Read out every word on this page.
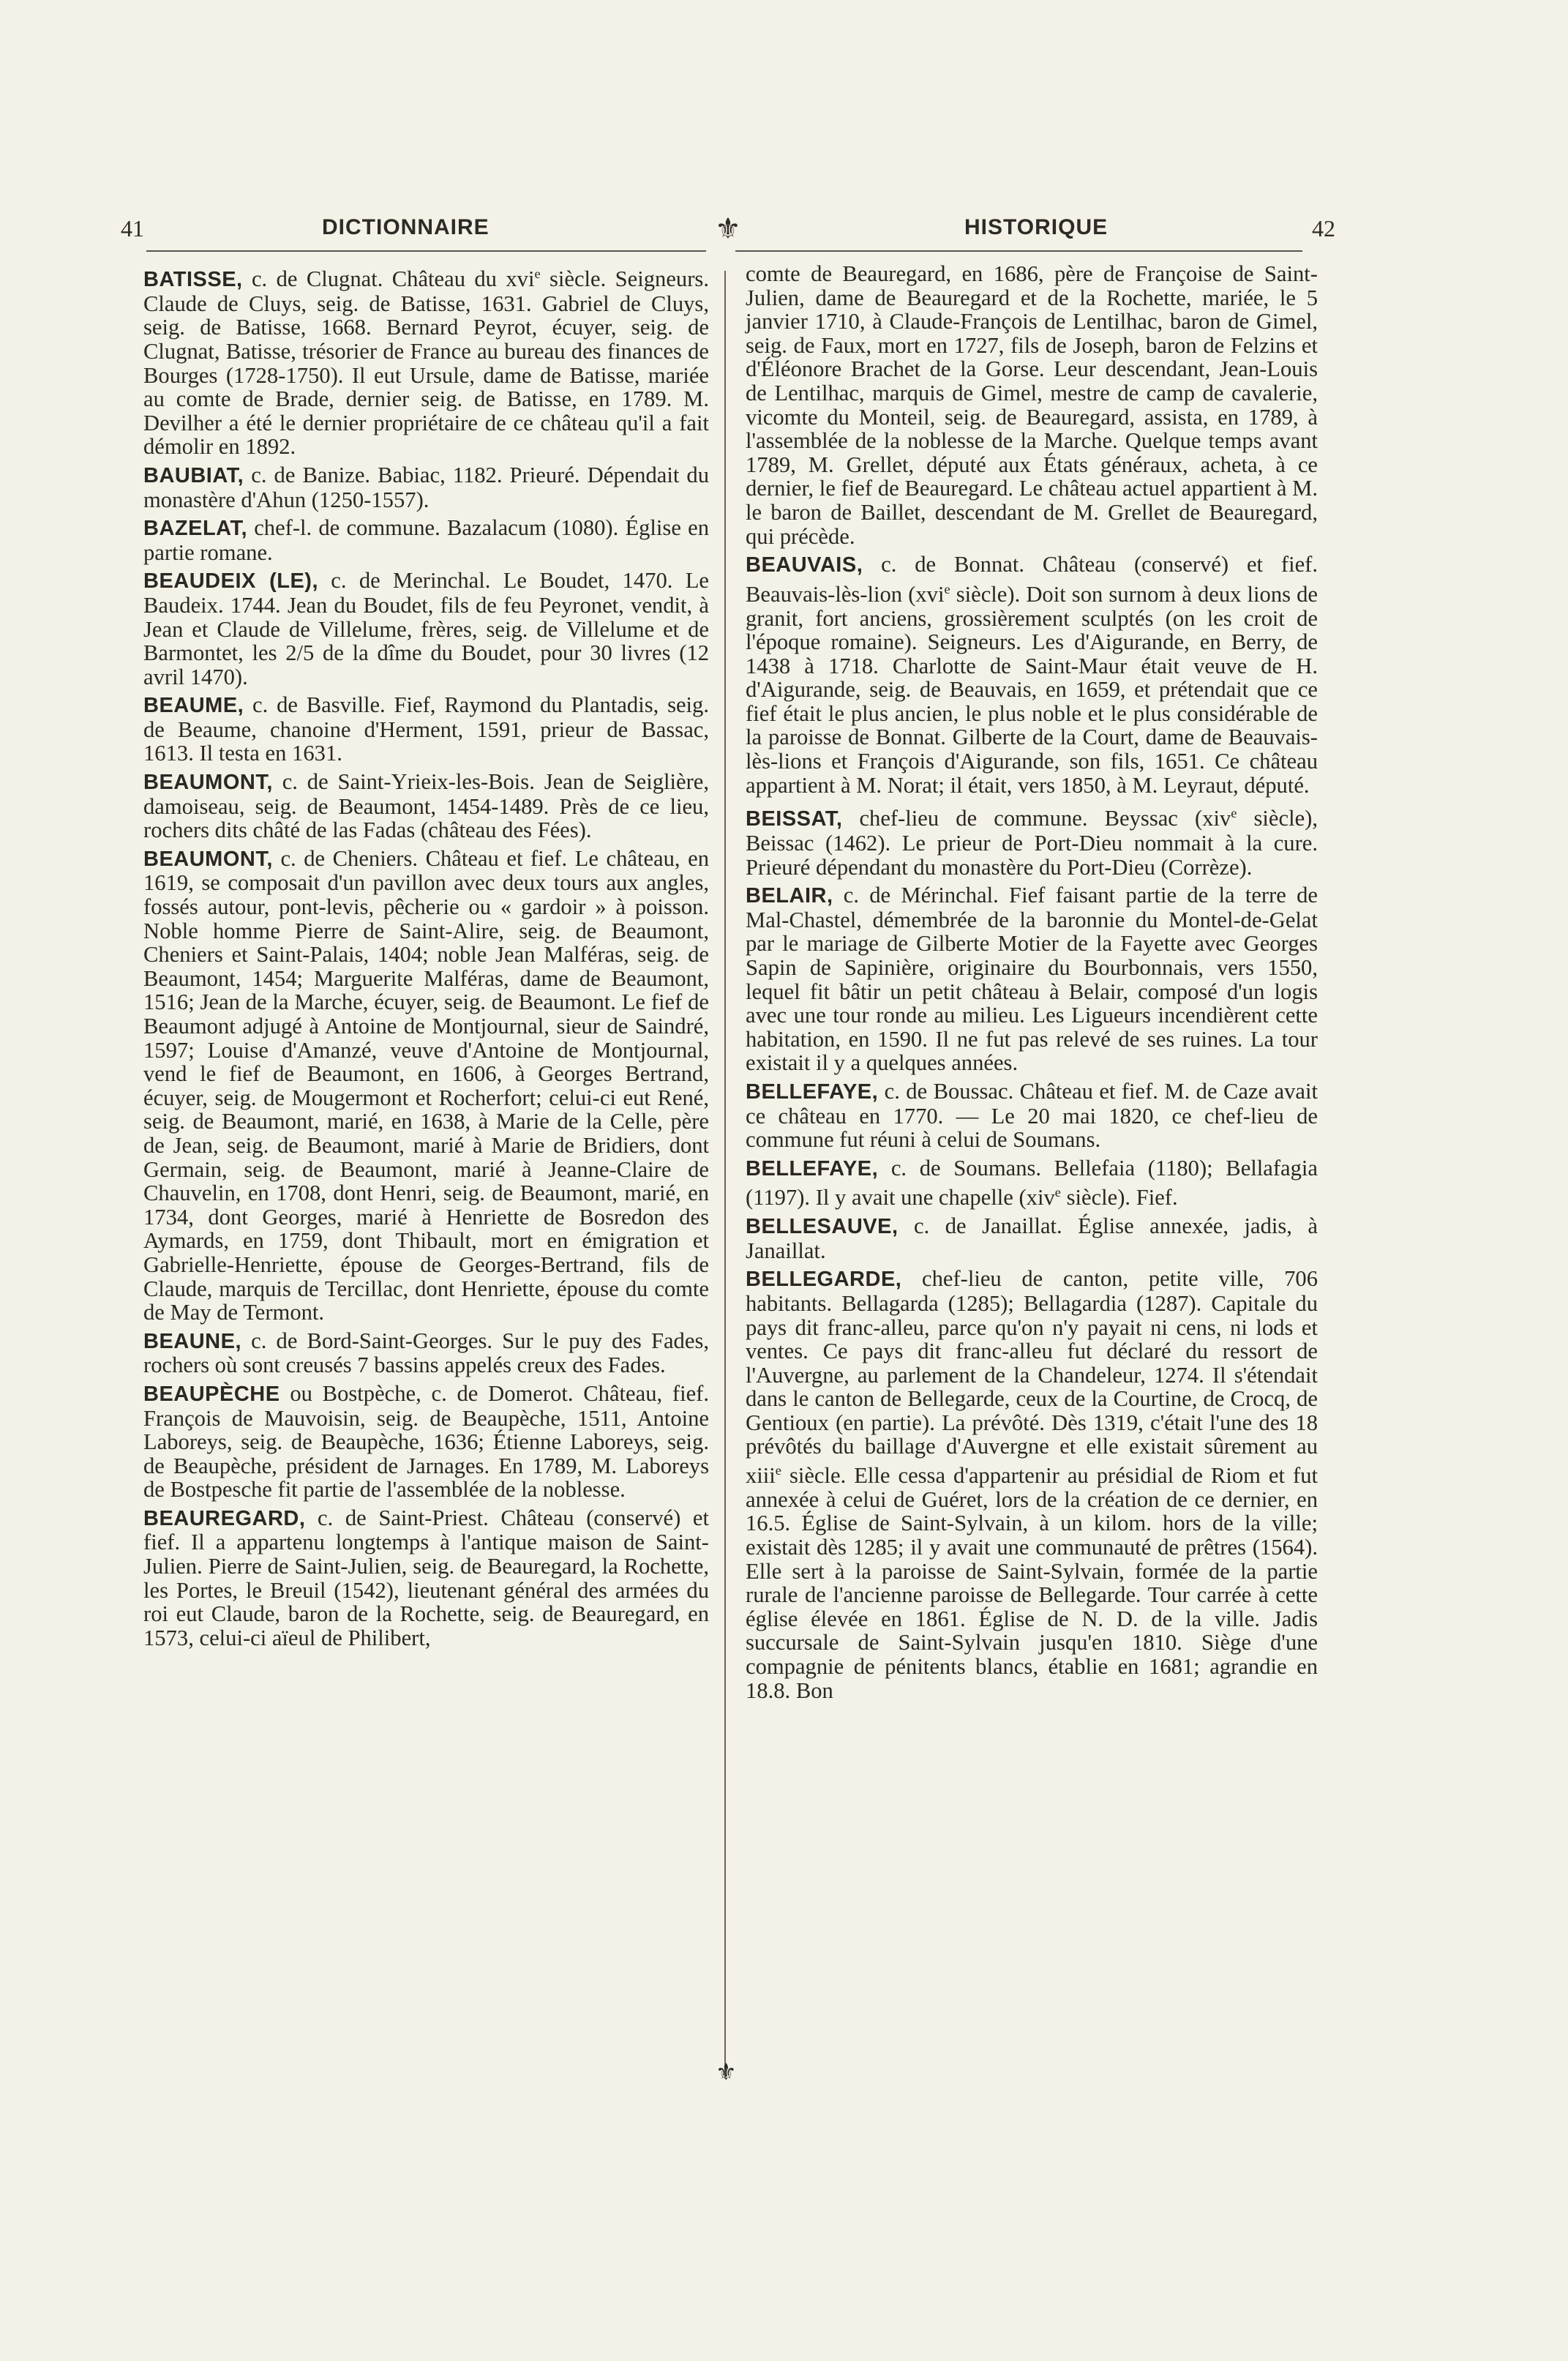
41	DICTIONNAIRE	⚜	HISTORIQUE	42
⚜

BATISSE, c. de Clugnat. Château du xvi$^e$ siècle. Seigneurs. Claude de Cluys, seig. de Batisse, 1631. Gabriel de Cluys, seig. de Batisse, 1668. Bernard Peyrot, écuyer, seig. de Clugnat, Batisse, trésorier de France au bureau des finances de Bourges (1728-1750). Il eut Ursule, dame de Batisse, mariée au comte de Brade, dernier seig. de Batisse, en 1789. M. Devilher a été le dernier propriétaire de ce château qu'il a fait démolir en 1892.

BAUBIAT, c. de Banize. Babiac, 1182. Prieuré. Dépendait du monastère d'Ahun (1250-1557).

BAZELAT, chef-l. de commune. Bazalacum (1080). Église en partie romane.

BEAUDEIX (LE), c. de Merinchal. Le Boudet, 1470. Le Baudeix. 1744. Jean du Boudet, fils de feu Peyronet, vendit, à Jean et Claude de Villelume, frères, seig. de Villelume et de Barmontet, les 2/5 de la dîme du Boudet, pour 30 livres (12 avril 1470).

BEAUME, c. de Basville. Fief, Raymond du Plantadis, seig. de Beaume, chanoine d'Herment, 1591, prieur de Bassac, 1613. Il testa en 1631.

BEAUMONT, c. de Saint-Yrieix-les-Bois. Jean de Seiglière, damoiseau, seig. de Beaumont, 1454-1489. Près de ce lieu, rochers dits châté de las Fadas (château des Fées).

BEAUMONT, c. de Cheniers. Château et fief. Le château, en 1619, se composait d'un pavillon avec deux tours aux angles, fossés autour, pont-levis, pêcherie ou « gardoir » à poisson. Noble homme Pierre de Saint-Alire, seig. de Beaumont, Cheniers et Saint-Palais, 1404; noble Jean Malféras, seig. de Beaumont, 1454; Marguerite Malféras, dame de Beaumont, 1516; Jean de la Marche, écuyer, seig. de Beaumont. Le fief de Beaumont adjugé à Antoine de Montjournal, sieur de Saindré, 1597; Louise d'Amanzé, veuve d'Antoine de Montjournal, vend le fief de Beaumont, en 1606, à Georges Bertrand, écuyer, seig. de Mougermont et Rocherfort; celui-ci eut René, seig. de Beaumont, marié, en 1638, à Marie de la Celle, père de Jean, seig. de Beaumont, marié à Marie de Bridiers, dont Germain, seig. de Beaumont, marié à Jeanne-Claire de Chauvelin, en 1708, dont Henri, seig. de Beaumont, marié, en 1734, dont Georges, marié à Henriette de Bosredon des Aymards, en 1759, dont Thibault, mort en émigration et Gabrielle-Henriette, épouse de Georges-Bertrand, fils de Claude, marquis de Tercillac, dont Henriette, épouse du comte de May de Termont.

BEAUNE, c. de Bord-Saint-Georges. Sur le puy des Fades, rochers où sont creusés 7 bassins appelés creux des Fades.

BEAUPÈCHE ou Bostpèche, c. de Domerot. Château, fief. François de Mauvoisin, seig. de Beaupèche, 1511, Antoine Laboreys, seig. de Beaupèche, 1636; Étienne Laboreys, seig. de Beaupèche, président de Jarnages. En 1789, M. Laboreys de Bostpesche fit partie de l'assemblée de la noblesse.

BEAUREGARD, c. de Saint-Priest. Château (conservé) et fief. Il a appartenu longtemps à l'antique maison de Saint-Julien. Pierre de Saint-Julien, seig. de Beauregard, la Rochette, les Portes, le Breuil (1542), lieutenant général des armées du roi eut Claude, baron de la Rochette, seig. de Beauregard, en 1573, celui-ci aïeul de Philibert,

comte de Beauregard, en 1686, père de Françoise de Saint-Julien, dame de Beauregard et de la Rochette, mariée, le 5 janvier 1710, à Claude-François de Lentilhac, baron de Gimel, seig. de Faux, mort en 1727, fils de Joseph, baron de Felzins et d'Éléonore Brachet de la Gorse. Leur descendant, Jean-Louis de Lentilhac, marquis de Gimel, mestre de camp de cavalerie, vicomte du Monteil, seig. de Beauregard, assista, en 1789, à l'assemblée de la noblesse de la Marche. Quelque temps avant 1789, M. Grellet, député aux États généraux, acheta, à ce dernier, le fief de Beauregard. Le château actuel appartient à M. le baron de Baillet, descendant de M. Grellet de Beauregard, qui précède.

BEAUVAIS, c. de Bonnat. Château (conservé) et fief. Beauvais-lès-lion (xvi$^e$ siècle). Doit son surnom à deux lions de granit, fort anciens, grossièrement sculptés (on les croit de l'époque romaine). Seigneurs. Les d'Aigurande, en Berry, de 1438 à 1718. Charlotte de Saint-Maur était veuve de H. d'Aigurande, seig. de Beauvais, en 1659, et prétendait que ce fief était le plus ancien, le plus noble et le plus considérable de la paroisse de Bonnat. Gilberte de la Court, dame de Beauvais-lès-lions et François d'Aigurande, son fils, 1651. Ce château appartient à M. Norat; il était, vers 1850, à M. Leyraut, député.

BEISSAT, chef-lieu de commune. Beyssac (xiv$^e$ siècle), Beissac (1462). Le prieur de Port-Dieu nommait à la cure. Prieuré dépendant du monastère du Port-Dieu (Corrèze).

BELAIR, c. de Mérinchal. Fief faisant partie de la terre de Mal-Chastel, démembrée de la baronnie du Montel-de-Gelat par le mariage de Gilberte Motier de la Fayette avec Georges Sapin de Sapinière, originaire du Bourbonnais, vers 1550, lequel fit bâtir un petit château à Belair, composé d'un logis avec une tour ronde au milieu. Les Ligueurs incendièrent cette habitation, en 1590. Il ne fut pas relevé de ses ruines. La tour existait il y a quelques années.

BELLEFAYE, c. de Boussac. Château et fief. M. de Caze avait ce château en 1770. — Le 20 mai 1820, ce chef-lieu de commune fut réuni à celui de Soumans.

BELLEFAYE, c. de Soumans. Bellefaia (1180); Bellafagia (1197). Il y avait une chapelle (xiv$^e$ siècle). Fief.

BELLESAUVE, c. de Janaillat. Église annexée, jadis, à Janaillat.

BELLEGARDE, chef-lieu de canton, petite ville, 706 habitants. Bellagarda (1285); Bellagardia (1287). Capitale du pays dit franc-alleu, parce qu'on n'y payait ni cens, ni lods et ventes. Ce pays dit franc-alleu fut déclaré du ressort de l'Auvergne, au parlement de la Chandeleur, 1274. Il s'étendait dans le canton de Bellegarde, ceux de la Courtine, de Crocq, de Gentioux (en partie). La prévôté. Dès 1319, c'était l'une des 18 prévôtés du baillage d'Auvergne et elle existait sûrement au xiii$^e$ siècle. Elle cessa d'appartenir au présidial de Riom et fut annexée à celui de Guéret, lors de la création de ce dernier, en 16.5. Église de Saint-Sylvain, à un kilom. hors de la ville; existait dès 1285; il y avait une communauté de prêtres (1564). Elle sert à la paroisse de Saint-Sylvain, formée de la partie rurale de l'ancienne paroisse de Bellegarde. Tour carrée à cette église élevée en 1861. Église de N. D. de la ville. Jadis succursale de Saint-Sylvain jusqu'en 1810. Siège d'une compagnie de pénitents blancs, établie en 1681; agrandie en 18.8. Bon
